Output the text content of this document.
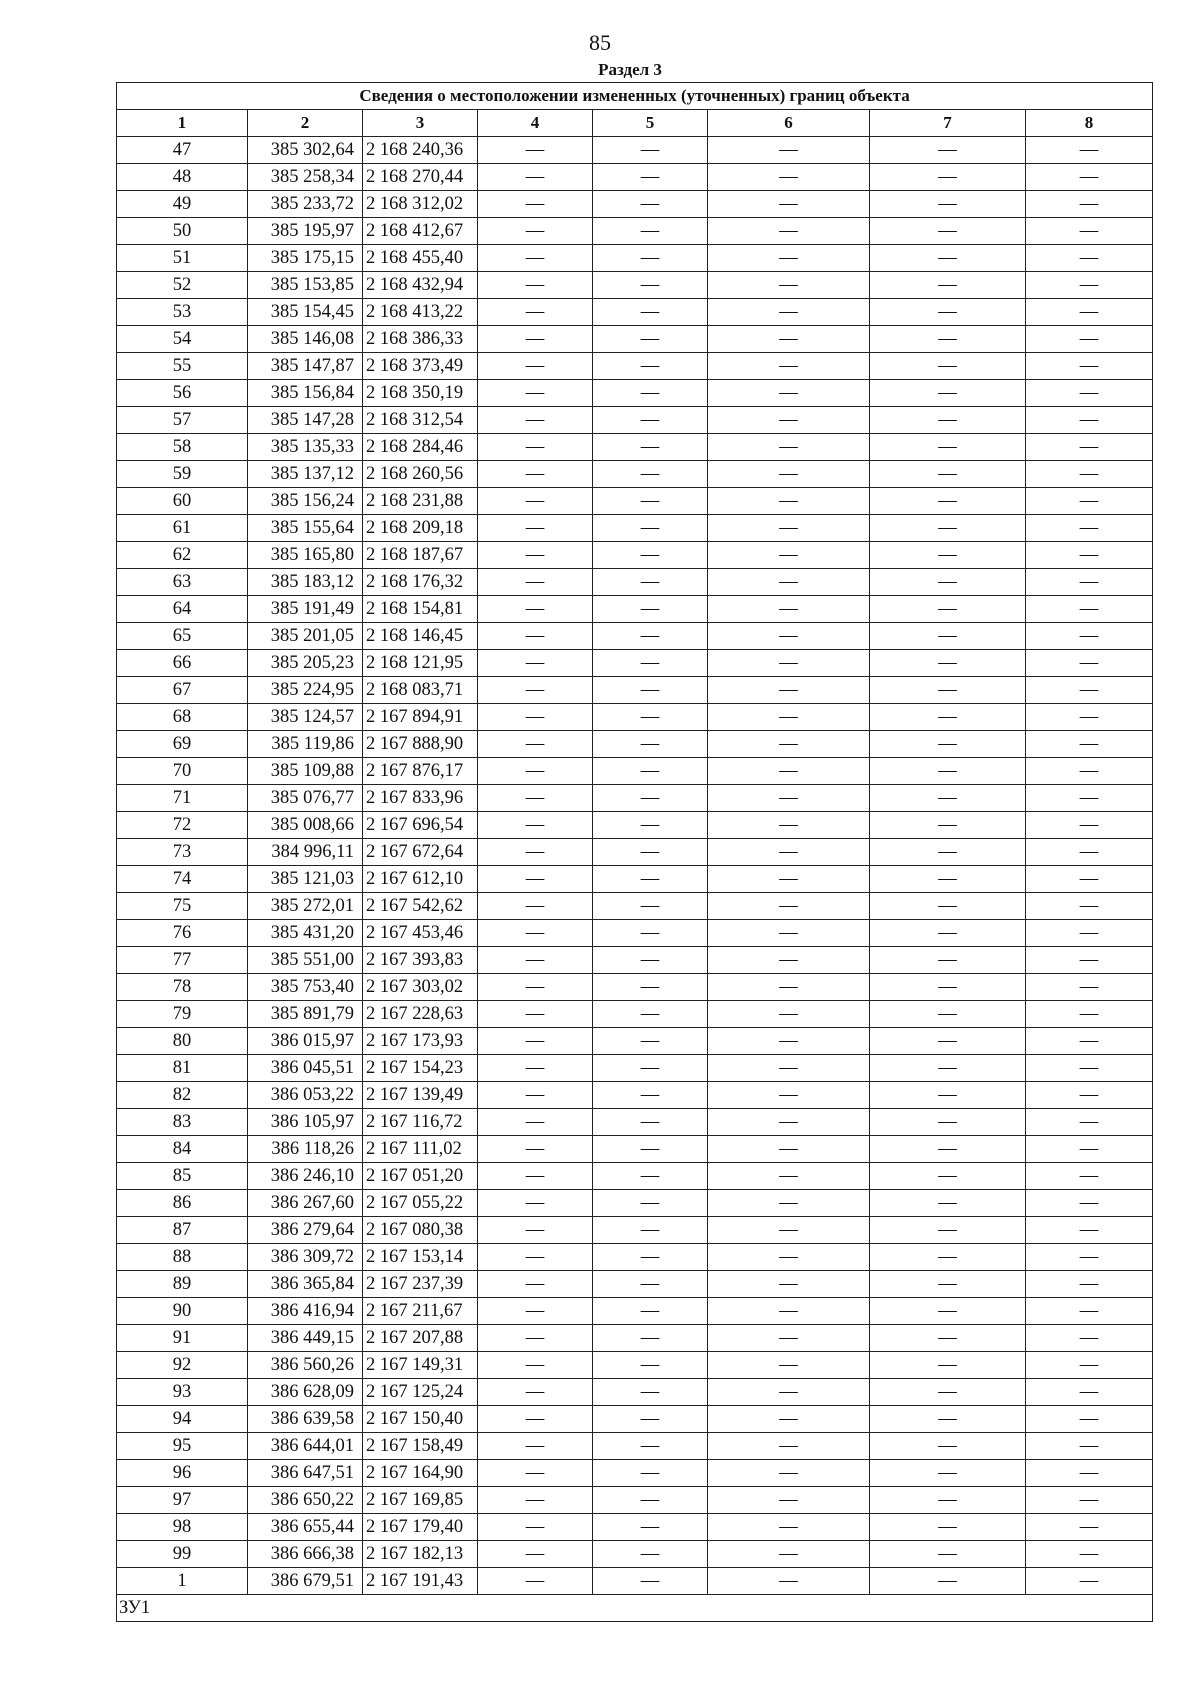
85
Раздел 3
Сведения о местоположении измененных (уточненных) границ объекта							
1	2	3	4	5	6	7	8
47	385 302,64	2 168 240,36	—	—	—	—	—
48	385 258,34	2 168 270,44	—	—	—	—	—
49	385 233,72	2 168 312,02	—	—	—	—	—
50	385 195,97	2 168 412,67	—	—	—	—	—
51	385 175,15	2 168 455,40	—	—	—	—	—
52	385 153,85	2 168 432,94	—	—	—	—	—
53	385 154,45	2 168 413,22	—	—	—	—	—
54	385 146,08	2 168 386,33	—	—	—	—	—
55	385 147,87	2 168 373,49	—	—	—	—	—
56	385 156,84	2 168 350,19	—	—	—	—	—
57	385 147,28	2 168 312,54	—	—	—	—	—
58	385 135,33	2 168 284,46	—	—	—	—	—
59	385 137,12	2 168 260,56	—	—	—	—	—
60	385 156,24	2 168 231,88	—	—	—	—	—
61	385 155,64	2 168 209,18	—	—	—	—	—
62	385 165,80	2 168 187,67	—	—	—	—	—
63	385 183,12	2 168 176,32	—	—	—	—	—
64	385 191,49	2 168 154,81	—	—	—	—	—
65	385 201,05	2 168 146,45	—	—	—	—	—
66	385 205,23	2 168 121,95	—	—	—	—	—
67	385 224,95	2 168 083,71	—	—	—	—	—
68	385 124,57	2 167 894,91	—	—	—	—	—
69	385 119,86	2 167 888,90	—	—	—	—	—
70	385 109,88	2 167 876,17	—	—	—	—	—
71	385 076,77	2 167 833,96	—	—	—	—	—
72	385 008,66	2 167 696,54	—	—	—	—	—
73	384 996,11	2 167 672,64	—	—	—	—	—
74	385 121,03	2 167 612,10	—	—	—	—	—
75	385 272,01	2 167 542,62	—	—	—	—	—
76	385 431,20	2 167 453,46	—	—	—	—	—
77	385 551,00	2 167 393,83	—	—	—	—	—
78	385 753,40	2 167 303,02	—	—	—	—	—
79	385 891,79	2 167 228,63	—	—	—	—	—
80	386 015,97	2 167 173,93	—	—	—	—	—
81	386 045,51	2 167 154,23	—	—	—	—	—
82	386 053,22	2 167 139,49	—	—	—	—	—
83	386 105,97	2 167 116,72	—	—	—	—	—
84	386 118,26	2 167 111,02	—	—	—	—	—
85	386 246,10	2 167 051,20	—	—	—	—	—
86	386 267,60	2 167 055,22	—	—	—	—	—
87	386 279,64	2 167 080,38	—	—	—	—	—
88	386 309,72	2 167 153,14	—	—	—	—	—
89	386 365,84	2 167 237,39	—	—	—	—	—
90	386 416,94	2 167 211,67	—	—	—	—	—
91	386 449,15	2 167 207,88	—	—	—	—	—
92	386 560,26	2 167 149,31	—	—	—	—	—
93	386 628,09	2 167 125,24	—	—	—	—	—
94	386 639,58	2 167 150,40	—	—	—	—	—
95	386 644,01	2 167 158,49	—	—	—	—	—
96	386 647,51	2 167 164,90	—	—	—	—	—
97	386 650,22	2 167 169,85	—	—	—	—	—
98	386 655,44	2 167 179,40	—	—	—	—	—
99	386 666,38	2 167 182,13	—	—	—	—	—
1	386 679,51	2 167 191,43	—	—	—	—	—
ЗУ1							
